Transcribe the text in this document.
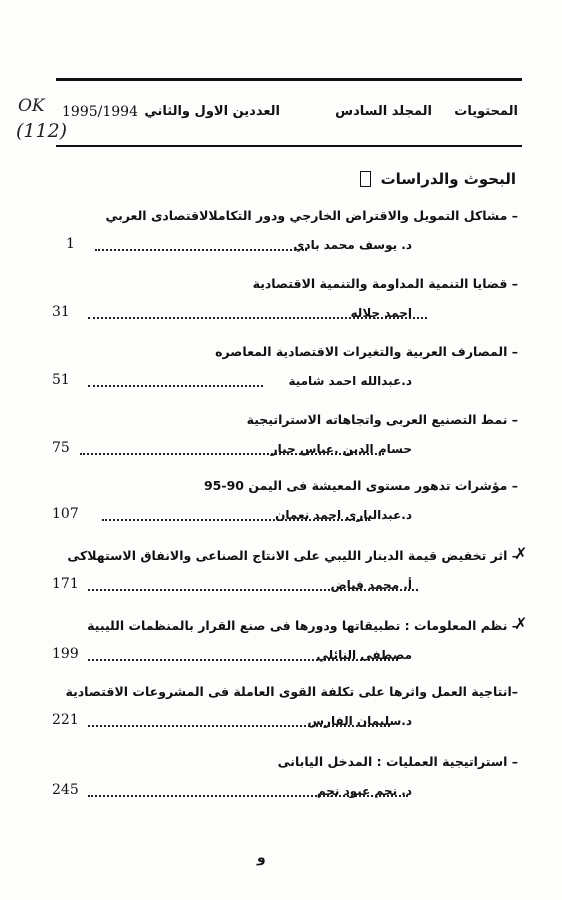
المحتويات
المجلد السادس
العددين الاول والثاني
1995/1994
OK
(112)
البحوث والدراسات
– مشاكل التمويل والاقتراض الخارجي ودور التكاملالاقتصادى العربي
د. يوسف محمد بادي
1
– قضايا التنمية المداومة والتنمية الاقتصادية
احمد جلاله
31
– المصارف العربية والتغيرات الاقتصادية المعاصره
د.عبدالله احمد شامية
51
– نمط التصنيع العربى واتجاهاته الاستراتيجية
حسام الدين ,عباس جبار
75
– مؤشرات تدهور مستوى المعيشة فى اليمن 90-95
د.عبدالبارى احمد نعمان
107
– اثر تخفيض قيمة الدينار الليبي على الانتاج الصناعى والانفاق الاستهلاكى
✗
أ. محمد فياض
171
– نظم المعلومات : تطبيقاتها ودورها فى صنع القرار بالمنظمات الليبية
✗
مصطفى النائلي
199
–انتاجية العمل واثرها على تكلفة القوى العاملة فى المشروعات الاقتصادية
د.سليمان الفارس
221
– استراتيجية العمليات : المدخل اليابانى
د. نجم عبود نجم
245
و
